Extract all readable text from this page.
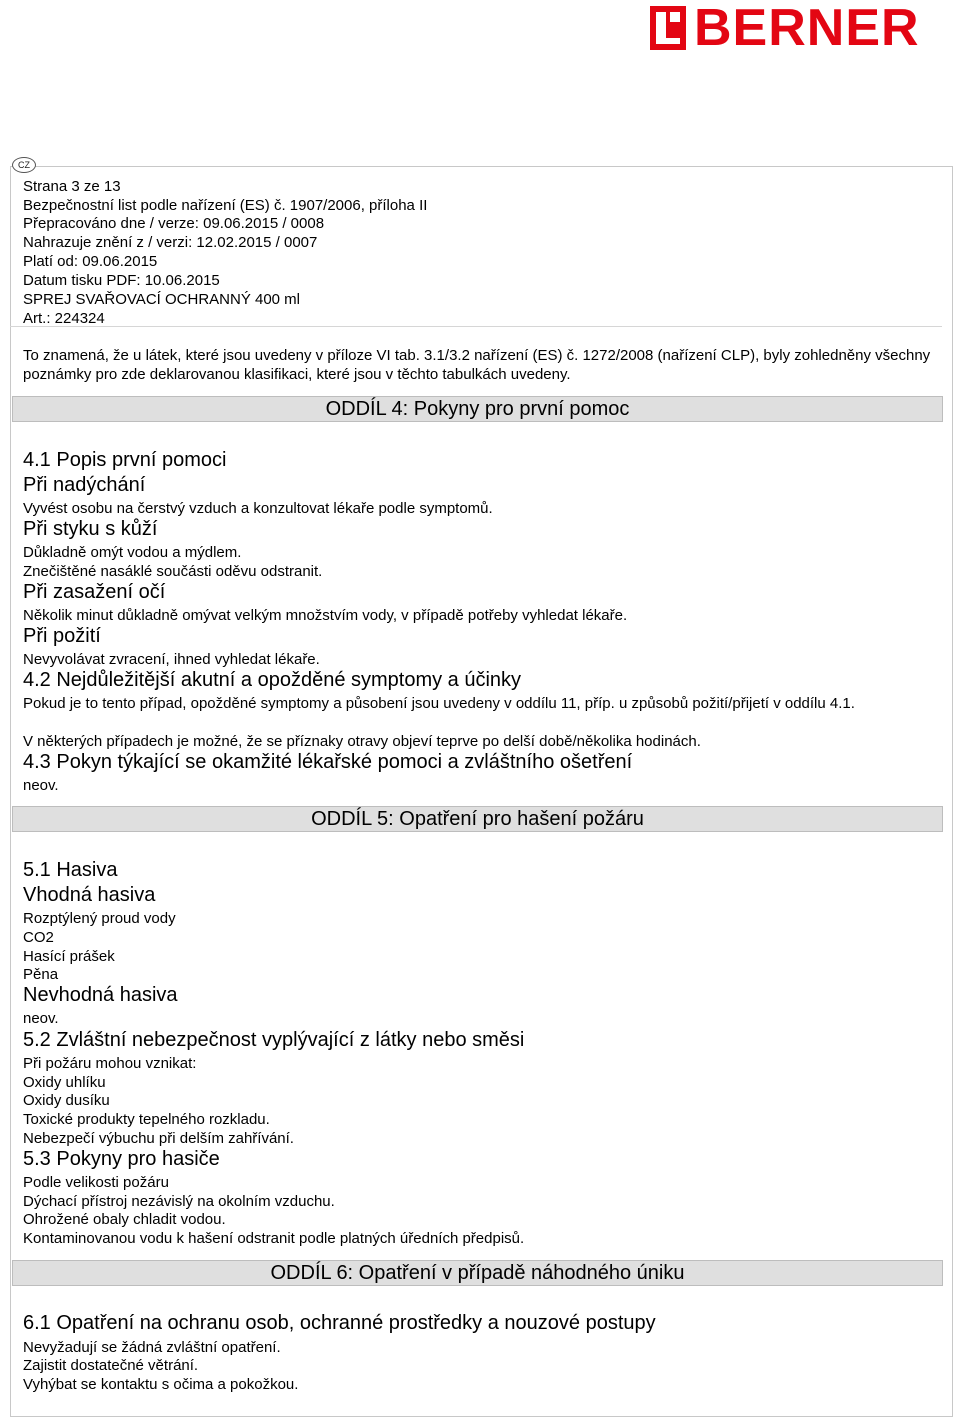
BERNER
CZ
Strana 3 ze 13
Bezpečnostní list podle nařízení (ES) č. 1907/2006, příloha II
Přepracováno dne / verze: 09.06.2015 / 0008
Nahrazuje znění z / verzi: 12.02.2015 / 0007
Platí od: 09.06.2015
Datum tisku PDF: 10.06.2015
SPREJ SVAŘOVACÍ OCHRANNÝ 400 ml
Art.: 224324
To znamená, že u látek, které jsou uvedeny v příloze VI tab. 3.1/3.2 nařízení (ES) č. 1272/2008 (nařízení CLP), byly zohledněny všechny poznámky pro zde deklarovanou klasifikaci, které jsou v těchto tabulkách uvedeny.
ODDÍL 4: Pokyny pro první pomoc
4.1 Popis první pomoci
Při nadýchání
Vyvést osobu na čerstvý vzduch a konzultovat lékaře podle symptomů.
Při styku s kůží
Důkladně omýt vodou a mýdlem.
Znečištěné nasáklé součásti oděvu odstranit.
Při zasažení očí
Několik minut důkladně omývat velkým množstvím vody, v případě potřeby vyhledat lékaře.
Při požití
Nevyvolávat zvracení, ihned vyhledat lékaře.
4.2 Nejdůležitější akutní a opožděné symptomy a účinky
Pokud je to tento případ, opožděné symptomy a působení jsou uvedeny v oddílu 11, příp. u způsobů požití/přijetí v oddílu 4.1.
V některých případech je možné, že se příznaky otravy objeví teprve po delší době/několika hodinách.
4.3 Pokyn týkající se okamžité lékařské pomoci a zvláštního ošetření
neov.
ODDÍL 5: Opatření pro hašení požáru
5.1 Hasiva
Vhodná hasiva
Rozptýlený proud vody
CO2
Hasící prášek
Pěna
Nevhodná hasiva
neov.
5.2 Zvláštní nebezpečnost vyplývající z látky nebo směsi
Při požáru mohou vznikat:
Oxidy uhlíku
Oxidy dusíku
Toxické produkty tepelného rozkladu.
Nebezpečí výbuchu při delším zahřívání.
5.3 Pokyny pro hasiče
Podle velikosti požáru
Dýchací přístroj nezávislý na okolním vzduchu.
Ohrožené obaly chladit vodou.
Kontaminovanou vodu k hašení odstranit podle platných úředních předpisů.
ODDÍL 6: Opatření v případě náhodného úniku
6.1 Opatření na ochranu osob, ochranné prostředky a nouzové postupy
Nevyžadují se žádná zvláštní opatření.
Zajistit dostatečné větrání.
Vyhýbat se kontaktu s očima a pokožkou.
